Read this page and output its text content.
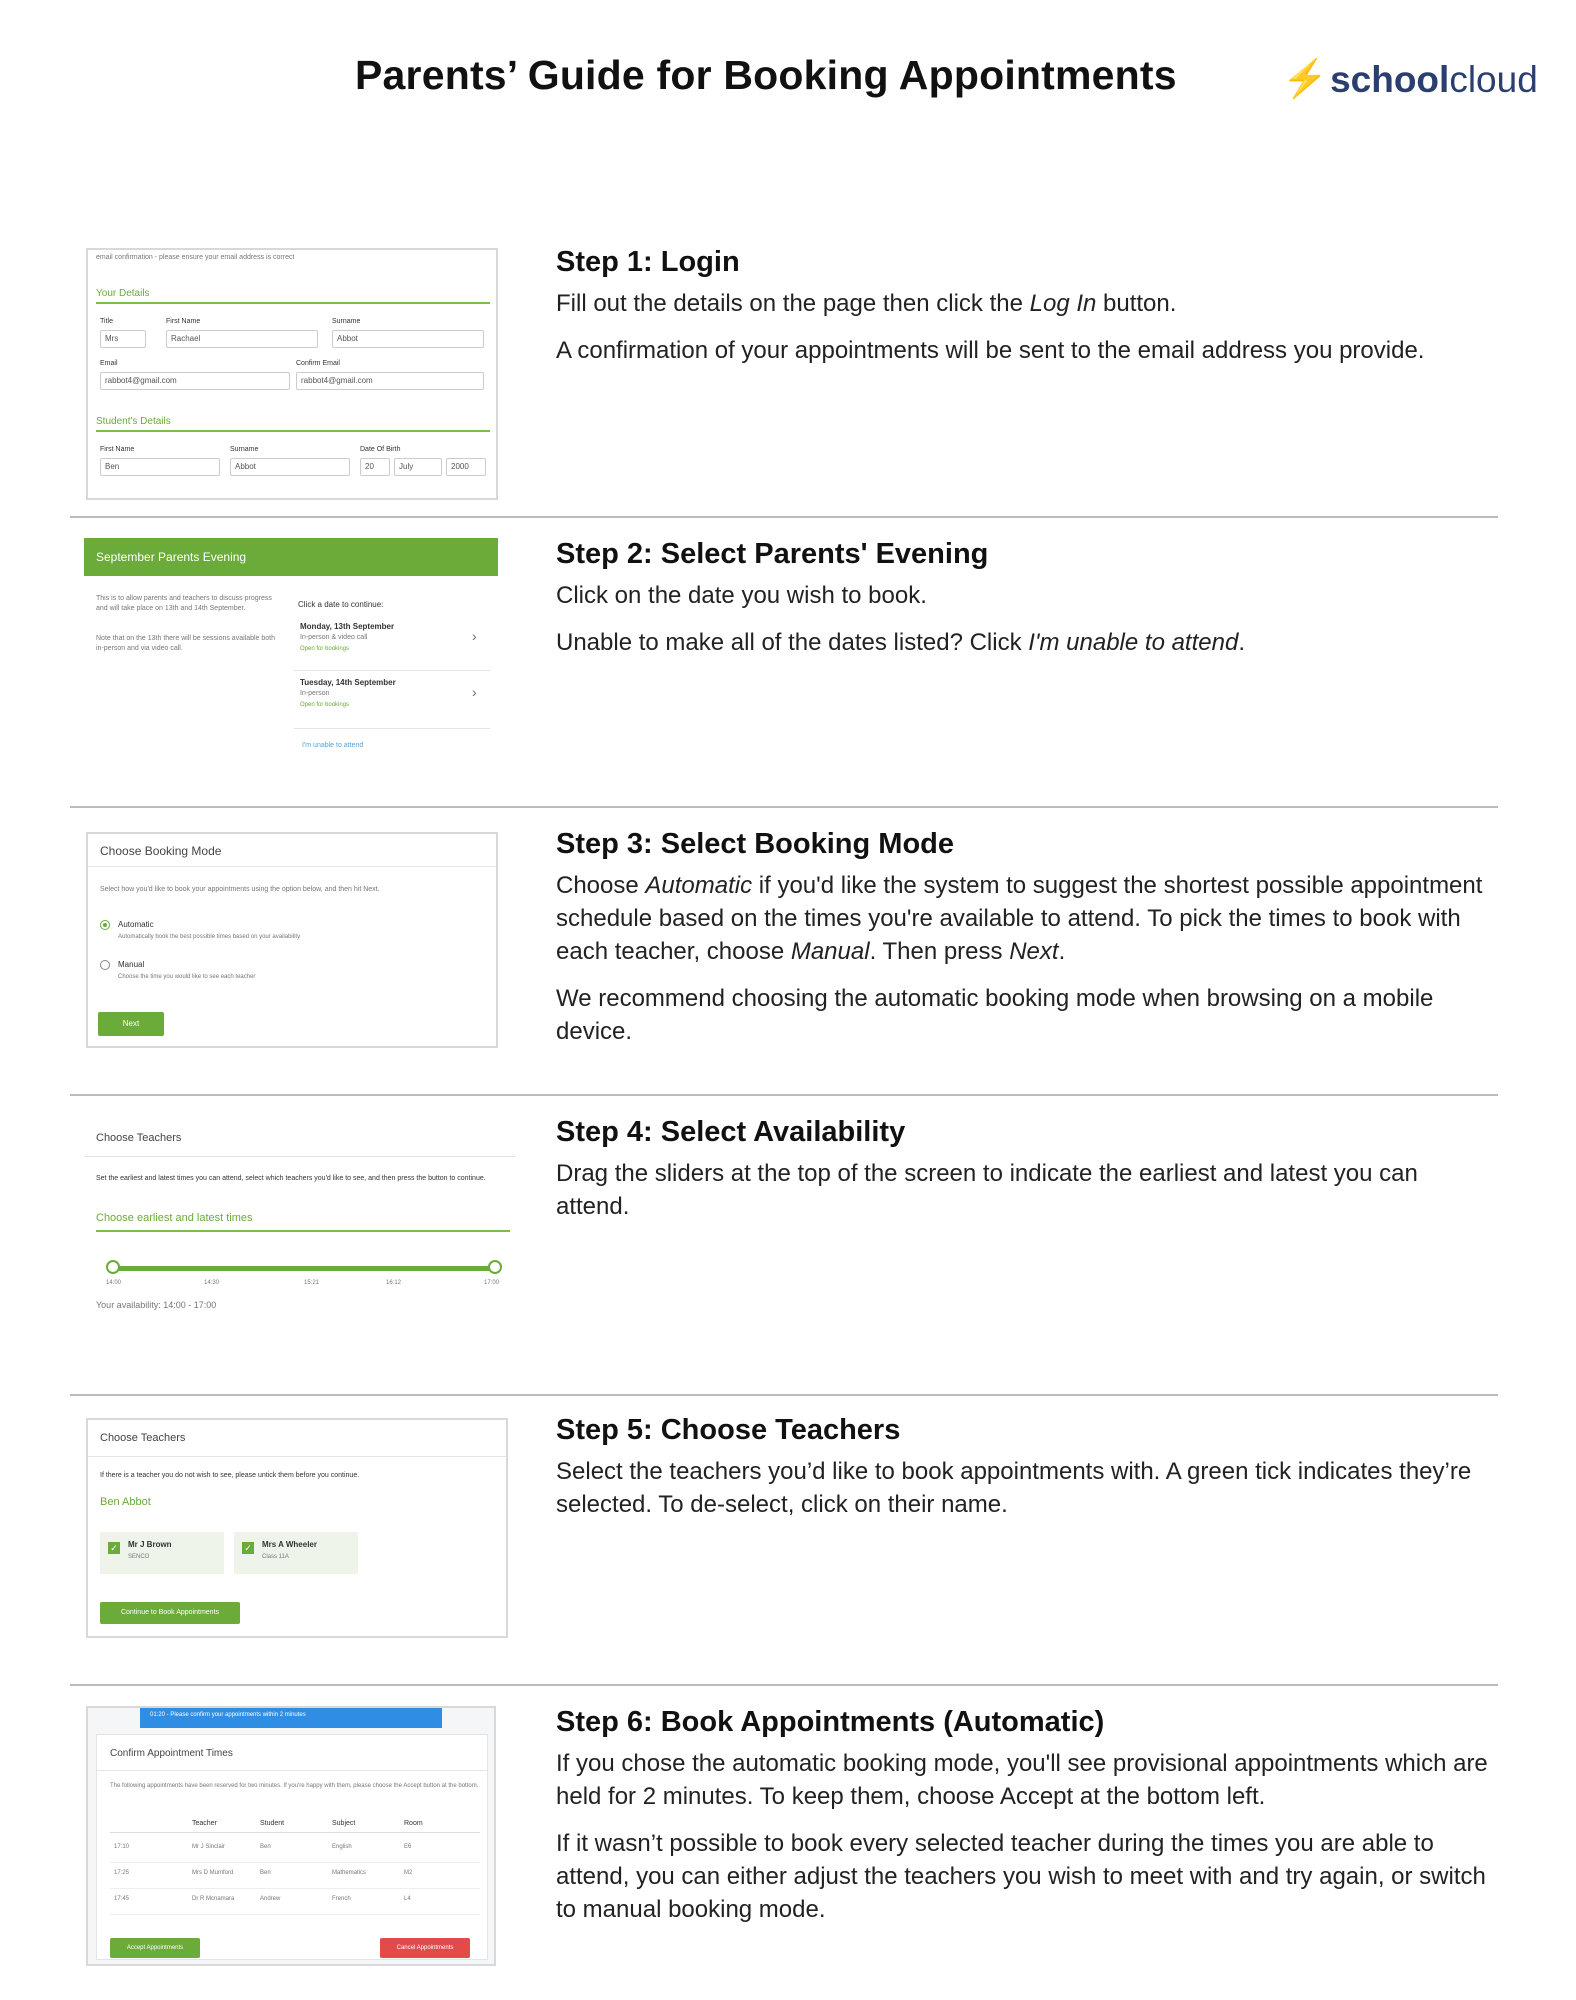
Parents’ Guide for Booking Appointments	⚡ school cloud
email confirmation - please ensure your email address is correct
Your Details
Title
Mrs
First Name
Rachael
Surname
Abbot
Email
rabbot4@gmail.com
Confirm Email
rabbot4@gmail.com
Student's Details
First Name
Ben
Surname
Abbot
Date Of Birth
20	July	2000
Step 1: Login

Fill out the details on the page then click the Log In button.

A confirmation of your appointments will be sent to the email address you provide.

September Parents Evening
This is to allow parents and teachers to discuss progress and will take place on 13th and 14th September.
Note that on the 13th there will be sessions available both in-person and via video call.
Click a date to continue:
Monday, 13th September
In-person & video call
Open for bookings
›
Tuesday, 14th September
In-person
Open for bookings
›
I'm unable to attend
Step 2: Select Parents' Evening

Click on the date you wish to book.

Unable to make all of the dates listed? Click I'm unable to attend.

Choose Booking Mode
Select how you'd like to book your appointments using the option below, and then hit Next.
Automatic
Automatically book the best possible times based on your availability
Manual
Choose the time you would like to see each teacher
Next
Step 3: Select Booking Mode

Choose Automatic if you'd like the system to suggest the shortest possible appointment schedule based on the times you're available to attend. To pick the times to book with each teacher, choose Manual. Then press Next.

We recommend choosing the automatic booking mode when browsing on a mobile device.

Choose Teachers
Set the earliest and latest times you can attend, select which teachers you'd like to see, and then press the button to continue.
Choose earliest and latest times
14:00	14:30	15:21	16:12	17:00
Your availability: 14:00 - 17:00
Step 4: Select Availability

Drag the sliders at the top of the screen to indicate the earliest and latest you can attend.

Choose Teachers
If there is a teacher you do not wish to see, please untick them before you continue.
Ben Abbot
✓ Mr J Brown
SENCO
✓ Mrs A Wheeler
Class 11A
Continue to Book Appointments
Step 5: Choose Teachers

Select the teachers you’d like to book appointments with. A green tick indicates they’re selected. To de-select, click on their name.

01:20 - Please confirm your appointments within 2 minutes
Confirm Appointment Times
The following appointments have been reserved for two minutes. If you're happy with them, please choose the Accept button at the bottom.
Teacher	Student	Subject	Room
17:10	Mr J Sinclair	Ben	English	E6
17:25	Mrs D Mumford	Ben	Mathematics	M2
17:45	Dr R Mcnamara	Andrew	French	L4
Accept Appointments	Cancel Appointments
Step 6: Book Appointments (Automatic)

If you chose the automatic booking mode, you'll see provisional appointments which are held for 2 minutes. To keep them, choose Accept at the bottom left.

If it wasn’t possible to book every selected teacher during the times you are able to attend, you can either adjust the teachers you wish to meet with and try again, or switch to manual booking mode.
